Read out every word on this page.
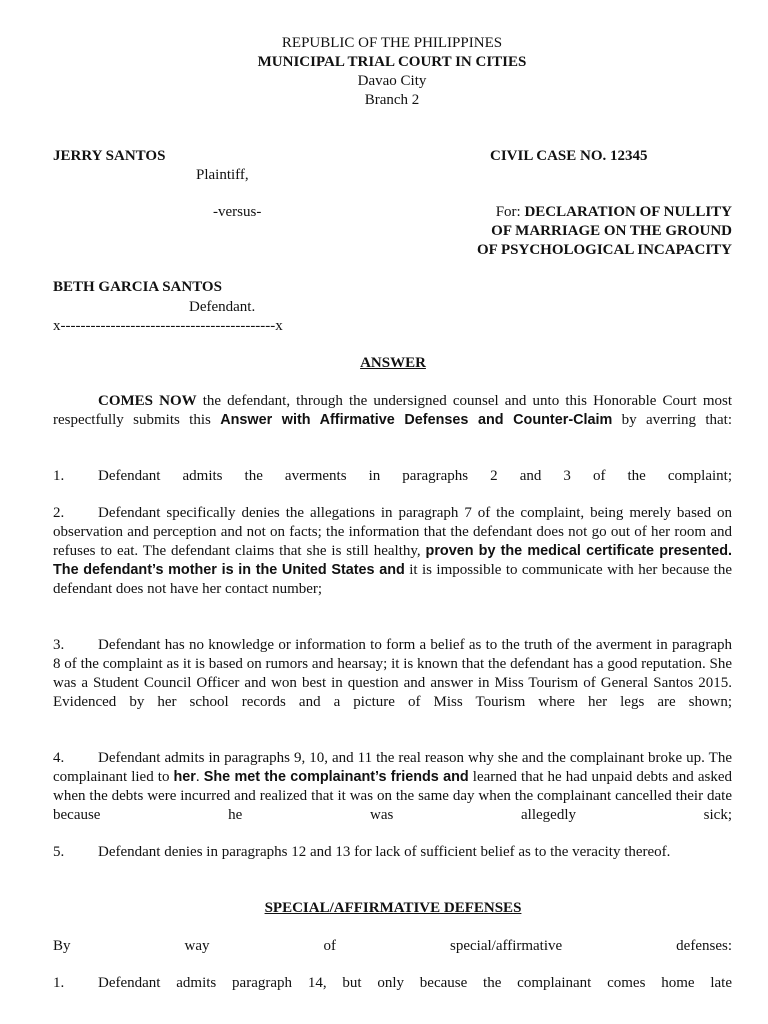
REPUBLIC OF THE PHILIPPINES
MUNICIPAL TRIAL COURT IN CITIES
Davao City
Branch 2
JERRY SANTOS
Plaintiff,
CIVIL CASE NO. 12345
-versus-	For: DECLARATION OF NULLITY
OF MARRIAGE ON THE GROUND
OF PSYCHOLOGICAL INCAPACITY
BETH GARCIA SANTOS
Defendant.
x-------------------------------------------x
ANSWER
COMES NOW the defendant, through the undersigned counsel and unto this Honorable Court most respectfully submits this Answer with Affirmative Defenses and Counter-Claim by averring that:
1. Defendant admits the averments in paragraphs 2 and 3 of the complaint;
2. Defendant specifically denies the allegations in paragraph 7 of the complaint, being merely based on observation and perception and not on facts; the information that the defendant does not go out of her room and refuses to eat. The defendant claims that she is still healthy, proven by the medical certificate presented. The defendant’s mother is in the United States and it is impossible to communicate with her because the defendant does not have her contact number;
3. Defendant has no knowledge or information to form a belief as to the truth of the averment in paragraph 8 of the complaint as it is based on rumors and hearsay; it is known that the defendant has a good reputation. She was a Student Council Officer and won best in question and answer in Miss Tourism of General Santos 2015. Evidenced by her school records and a picture of Miss Tourism where her legs are shown;
4. Defendant admits in paragraphs 9, 10, and 11 the real reason why she and the complainant broke up. The complainant lied to her. She met the complainant’s friends and learned that he had unpaid debts and asked when the debts were incurred and realized that it was on the same day when the complainant cancelled their date because he was allegedly sick;
5. Defendant denies in paragraphs 12 and 13 for lack of sufficient belief as to the veracity thereof.
SPECIAL/AFFIRMATIVE DEFENSES
By way of special/affirmative defenses:
1. Defendant admits paragraph 14, but only because the complainant comes home late
